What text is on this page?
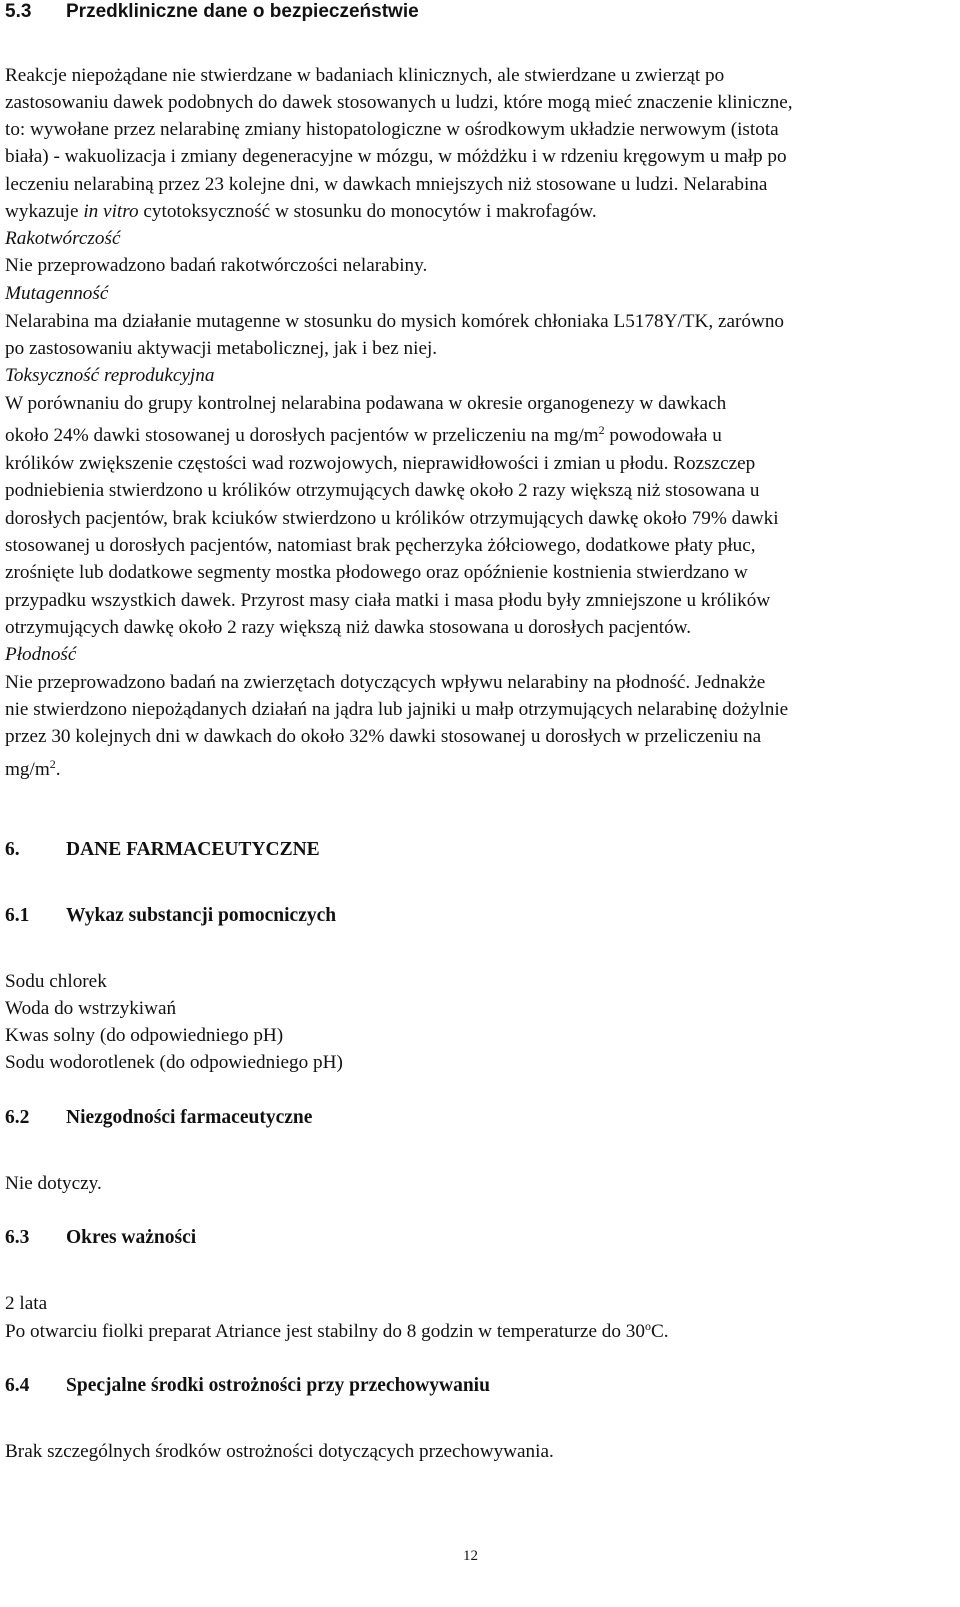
5.3 Przedkliniczne dane o bezpieczeństwie
Reakcje niepożądane nie stwierdzane w badaniach klinicznych, ale stwierdzane u zwierząt po
zastosowaniu dawek podobnych do dawek stosowanych u ludzi, które mogą mieć znaczenie kliniczne,
to: wywołane przez nelarabinę zmiany histopatologiczne w ośrodkowym układzie nerwowym (istota
biała) - wakuolizacja i zmiany degeneracyjne w mózgu, w móżdżku i w rdzeniu kręgowym u małp po
leczeniu nelarabiną przez 23 kolejne dni, w dawkach mniejszych niż stosowane u ludzi. Nelarabina
wykazuje in vitro cytotoksyczność w stosunku do monocytów i makrofagów.
Rakotwórczość
Nie przeprowadzono badań rakotwórczości nelarabiny.
Mutagenność
Nelarabina ma działanie mutagenne w stosunku do mysich komórek chłoniaka L5178Y/TK, zarówno
po zastosowaniu aktywacji metabolicznej, jak i bez niej.
Toksyczność reprodukcyjna
W porównaniu do grupy kontrolnej nelarabina podawana w okresie organogenezy w dawkach
około 24% dawki stosowanej u dorosłych pacjentów w przeliczeniu na $mg/m^2$ powodowała u
królików zwiększenie częstości wad rozwojowych, nieprawidłowości i zmian u płodu. Rozszczep
podniebienia stwierdzono u królików otrzymujących dawkę około 2 razy większą niż stosowana u
dorosłych pacjentów, brak kciuków stwierdzono u królików otrzymujących dawkę około 79% dawki
stosowanej u dorosłych pacjentów, natomiast brak pęcherzyka żółciowego, dodatkowe płaty płuc,
zrośnięte lub dodatkowe segmenty mostka płodowego oraz opóźnienie kostnienia stwierdzano w
przypadku wszystkich dawek. Przyrost masy ciała matki i masa płodu były zmniejszone u królików
otrzymujących dawkę około 2 razy większą niż dawka stosowana u dorosłych pacjentów.
Płodność
Nie przeprowadzono badań na zwierzętach dotyczących wpływu nelarabiny na płodność. Jednakże
nie stwierdzono niepożądanych działań na jądra lub jajniki u małp otrzymujących nelarabinę dożylnie
przez 30 kolejnych dni w dawkach do około 32% dawki stosowanej u dorosłych w przeliczeniu na
$mg/m^2$.
6. DANE FARMACEUTYCZNE
6.1 Wykaz substancji pomocniczych
Sodu chlorek
Woda do wstrzykiwań
Kwas solny (do odpowiedniego pH)
Sodu wodorotlenek (do odpowiedniego pH)
6.2 Niezgodności farmaceutyczne
Nie dotyczy.
6.3 Okres ważności
2 lata
Po otwarciu fiolki preparat Atriance jest stabilny do 8 godzin w temperaturze do 30$^o$C.
6.4 Specjalne środki ostrożności przy przechowywaniu
Brak szczególnych środków ostrożności dotyczących przechowywania.
12
